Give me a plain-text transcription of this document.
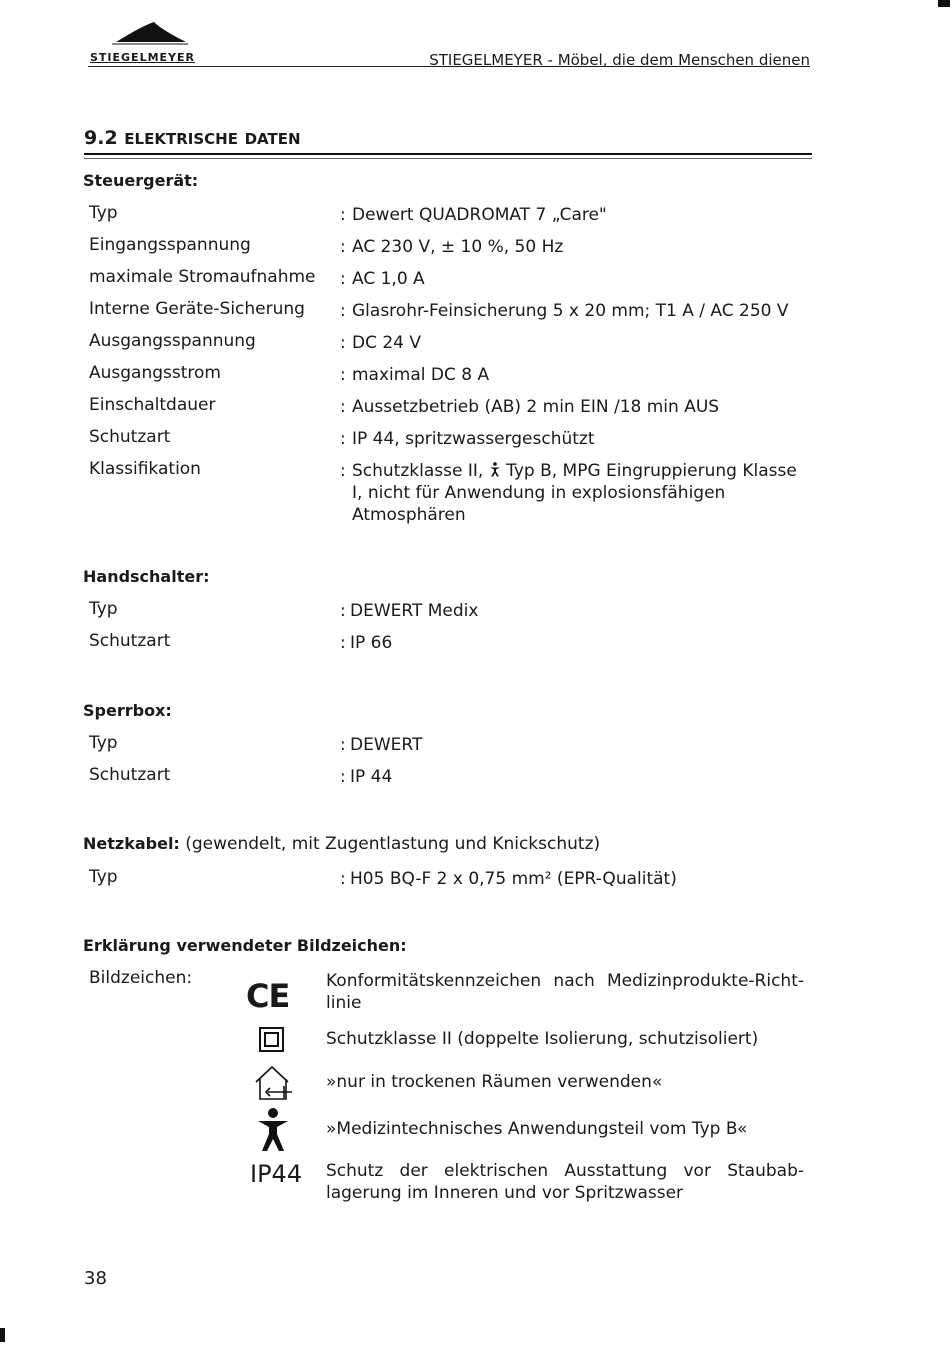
STIEGELMEYER	STIEGELMEYER - Möbel, die dem Menschen dienen
9.2 ELEKTRISCHE DATEN
Steuergerät:
Typ	: Dewert QUADROMAT 7 „Care"
Eingangsspannung	: AC 230 V, ± 10 %, 50 Hz
maximale Stromaufnahme : AC 1,0 A
Interne Geräte-Sicherung : Glasrohr-Feinsicherung 5 x 20 mm; T1 A / AC 250 V
Ausgangsspannung	: DC 24 V
Ausgangsstrom	: maximal DC 8 A
Einschaltdauer	: Aussetzbetrieb (AB) 2 min EIN /18 min AUS
Schutzart	: IP 44, spritzwassergeschützt
Klassifikation	: Schutzklasse II, Typ B, MPG Eingruppierung Klasse I, nicht für Anwendung in explosionsfähigen Atmosphären
Handschalter:
Typ	: DEWERT Medix
Schutzart	: IP 66
Sperrbox:
Typ	: DEWERT
Schutzart	: IP 44
Netzkabel: (gewendelt, mit Zugentlastung und Knickschutz)
Typ	: H05 BQ-F 2 x 0,75 mm² (EPR-Qualität)
Erklärung verwendeter Bildzeichen:
Bildzeichen: CE Konformitätskennzeichen nach Medizinprodukte-Richt-linie
Schutzklasse II (doppelte Isolierung, schutzisoliert)
»nur in trockenen Räumen verwenden«
»Medizintechnisches Anwendungsteil vom Typ B«
IP44 Schutz der elektrischen Ausstattung vor Staubab-lagerung im Inneren und vor Spritzwasser
38
